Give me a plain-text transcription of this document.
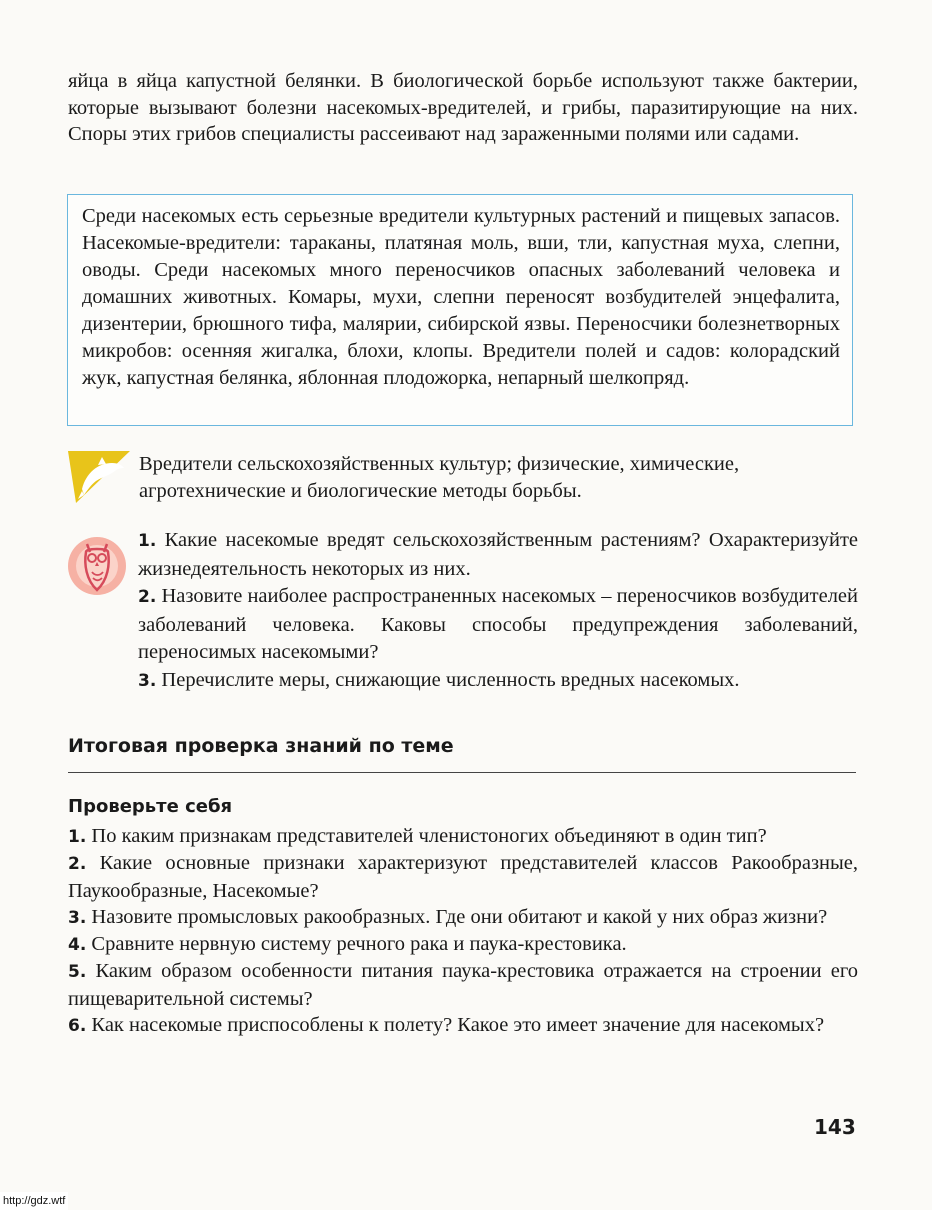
яйца в яйца капустной белянки. В биологической борьбе используют также бактерии, которые вызывают болезни насекомых-вредителей, и грибы, паразитирующие на них. Споры этих грибов специалисты рассеивают над зараженными полями или садами.
Среди насекомых есть серьезные вредители культурных растений и пищевых запасов. Насекомые-вредители: тараканы, платяная моль, вши, тли, капустная муха, слепни, оводы. Среди насекомых много переносчиков опасных заболеваний человека и домашних животных. Комары, мухи, слепни переносят возбудителей энцефалита, дизентерии, брюшного тифа, малярии, сибирской язвы. Переносчики болезнетворных микробов: осенняя жигалка, блохи, клопы. Вредители полей и садов: колорадский жук, капустная белянка, яблонная плодожорка, непарный шелкопряд.
Вредители сельскохозяйственных культур; физические, химические, агротехнические и биологические методы борьбы.
1. Какие насекомые вредят сельскохозяйственным растениям? Охарактеризуйте жизнедеятельность некоторых из них.
2. Назовите наиболее распространенных насекомых – переносчиков возбудителей заболеваний человека. Каковы способы предупреждения заболеваний, переносимых насекомыми?
3. Перечислите меры, снижающие численность вредных насекомых.
Итоговая проверка знаний по теме
Проверьте себя
1. По каким признакам представителей членистоногих объединяют в один тип?
2. Какие основные признаки характеризуют представителей классов Ракообразные, Паукообразные, Насекомые?
3. Назовите промысловых ракообразных. Где они обитают и какой у них образ жизни?
4. Сравните нервную систему речного рака и паука-крестовика.
5. Каким образом особенности питания паука-крестовика отражается на строении его пищеварительной системы?
6. Как насекомые приспособлены к полету? Какое это имеет значение для насекомых?
143
http://gdz.wtf
